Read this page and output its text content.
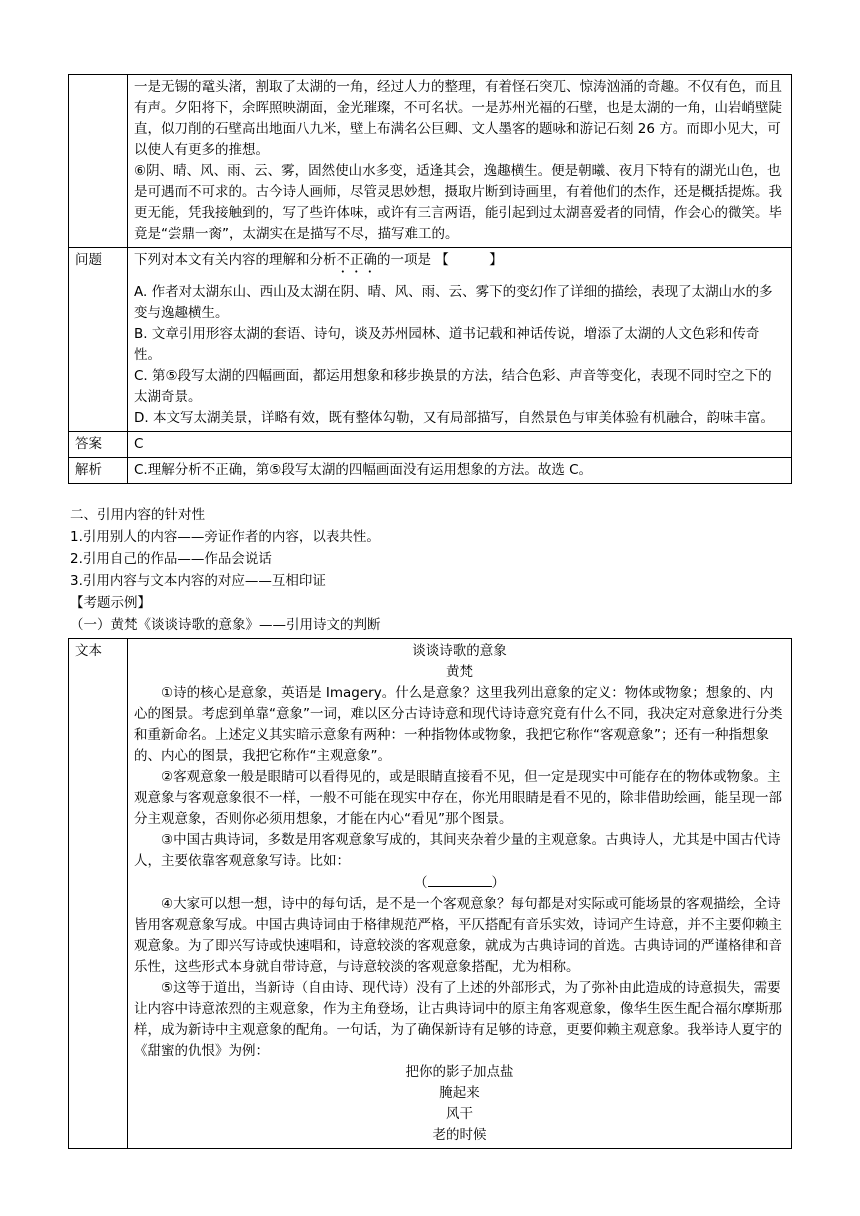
	一是无锡的鼋头渚，割取了太湖的一角，经过人力的整理，有着怪石突兀、惊涛汹涌的奇趣。不仅有色，而且有声。夕阳将下，余晖照映湖面，金光璀璨，不可名状。一是苏州光福的石壁，也是太湖的一角，山岩峭壁陡直，似刀削的石壁高出地面八九米，壁上布满名公巨卿、文人墨客的题咏和游记石刻 26 方。而即小见大，可以使人有更多的推想。

⑥阴、晴、风、雨、云、雾，固然使山水多变，适逢其会，逸趣横生。便是朝曦、夜月下特有的湖光山色，也是可遇而不可求的。古今诗人画师，尽管灵思妙想，摄取片断到诗画里，有着他们的杰作，还是概括提炼。我更无能，凭我接触到的，写了些许体味，或许有三言两语，能引起到过太湖喜爱者的同情，作会心的微笑。毕竟是“尝鼎一脔”，太湖实在是描写不尽，描写难工的。

问题	下列对本文有关内容的理解和分析不正确的一项是 【　　　】

A. 作者对太湖东山、西山及太湖在阴、晴、风、雨、云、雾下的变幻作了详细的描绘，表现了太湖山水的多变与逸趣横生。

B. 文章引用形容太湖的套语、诗句，谈及苏州园林、道书记载和神话传说，增添了太湖的人文色彩和传奇性。

C. 第⑤段写太湖的四幅画面，都运用想象和移步换景的方法，结合色彩、声音等变化，表现不同时空之下的太湖奇景。

D. 本文写太湖美景，详略有效，既有整体勾勒，又有局部描写，自然景色与审美体验有机融合，韵味丰富。

答案	C
解析	C.理解分析不正确，第⑤段写太湖的四幅画面没有运用想象的方法。故选 C。

二、引用内容的针对性

1.引用别人的内容——旁证作者的内容，以表共性。

2.引用自己的作品——作品会说话

3.引用内容与文本内容的对应——互相印证

【考题示例】

（一）黄梵《谈谈诗歌的意象》——引用诗文的判断

文本	谈谈诗歌的意象

黄梵

①诗的核心是意象，英语是 Imagery。什么是意象？这里我列出意象的定义：物体或物象；想象的、内心的图景。考虑到单靠“意象”一词，难以区分古诗诗意和现代诗诗意究竟有什么不同，我决定对意象进行分类和重新命名。上述定义其实暗示意象有两种：一种指物体或物象，我把它称作“客观意象”；还有一种指想象的、内心的图景，我把它称作“主观意象”。

②客观意象一般是眼睛可以看得见的，或是眼睛直接看不见，但一定是现实中可能存在的物体或物象。主观意象与客观意象很不一样，一般不可能在现实中存在，你光用眼睛是看不见的，除非借助绘画，能呈现一部分主观意象，否则你必须用想象，才能在内心“看见”那个图景。

③中国古典诗词，多数是用客观意象写成的，其间夹杂着少量的主观意象。古典诗人，尤其是中国古代诗人，主要依靠客观意象写诗。比如：

（	）

④大家可以想一想，诗中的每句话，是不是一个客观意象？每句都是对实际或可能场景的客观描绘，全诗皆用客观意象写成。中国古典诗词由于格律规范严格，平仄搭配有音乐实效，诗词产生诗意，并不主要仰赖主观意象。为了即兴写诗或快速唱和，诗意较淡的客观意象，就成为古典诗词的首选。古典诗词的严谨格律和音乐性，这些形式本身就自带诗意，与诗意较淡的客观意象搭配，尤为相称。

⑤这等于道出，当新诗（自由诗、现代诗）没有了上述的外部形式，为了弥补由此造成的诗意损失，需要让内容中诗意浓烈的主观意象，作为主角登场，让古典诗词中的原主角客观意象，像华生医生配合福尔摩斯那样，成为新诗中主观意象的配角。一句话，为了确保新诗有足够的诗意，更要仰赖主观意象。我举诗人夏宇的《甜蜜的仇恨》为例：

把你的影子加点盐

腌起来

风干

老的时候
